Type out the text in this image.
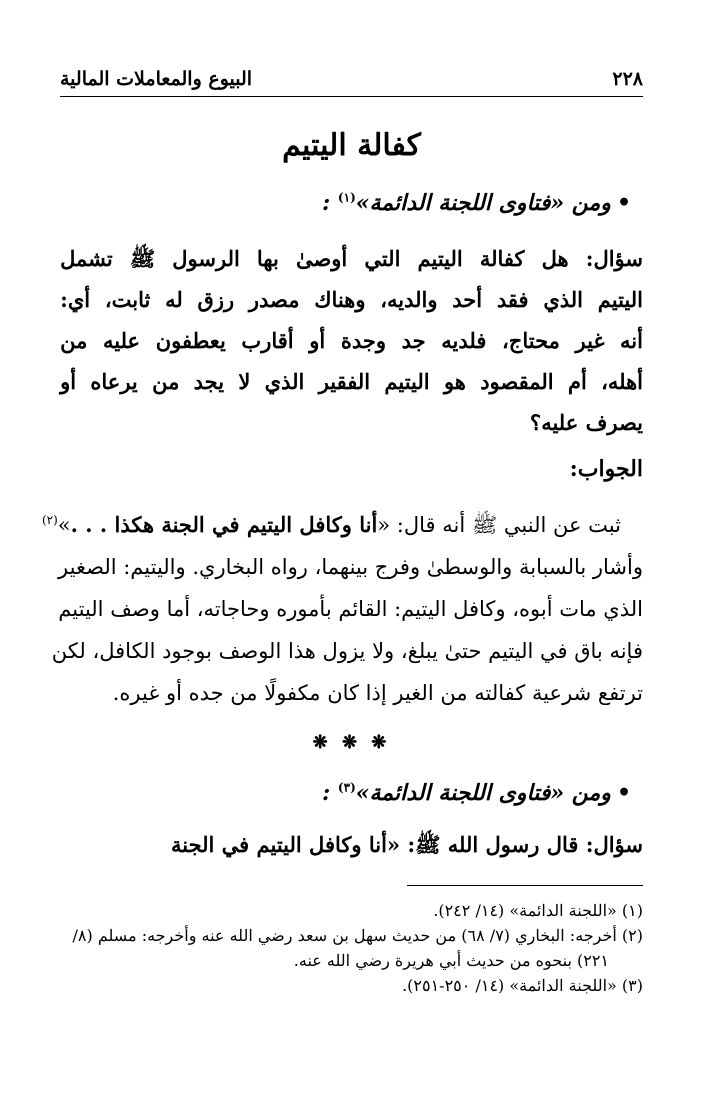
٢٢٨
البيوع والمعاملات المالية
كفالة اليتيم
•ومن «فتاوى اللجنة الدائمة»$^{(١)}$ :
سؤال:
هل
كفالة
اليتيم
التي
أوصىٰ
بها
الرسول
ﷺ
تشمل
اليتيم
الذي
فقد
أحد
والديه،
وهناك
مصدر
رزق
له
ثابت،
أي:
أنه
غير
محتاج،
فلديه
جد
وجدة
أو
أقارب
يعطفون
عليه
من
أهله،
أم
المقصود
هو
اليتيم
الفقير
الذي
لا
يجد
من
يرعاه
أو
يصرف عليه؟
الجواب:
ثبت عن النبي ﷺ أنه قال: «أنا وكافل اليتيم في الجنة هكذا . . .»$^{(٢)}$
وأشار بالسبابة والوسطىٰ وفرج بينهما، رواه البخاري. واليتيم: الصغير
الذي مات أبوه، وكافل اليتيم: القائم بأموره وحاجاته، أما وصف اليتيم
فإنه باق في اليتيم حتىٰ يبلغ، ولا يزول هذا الوصف بوجود الكافل، لكن
ترتفع شرعية كفالته من الغير إذا كان مكفولًا من جده أو غيره.
❋ ❋ ❋
•ومن «فتاوى اللجنة الدائمة»$^{(٣)}$ :
سؤال: قال رسول الله ﷺ: «أنا وكافل اليتيم في الجنة
(١) «اللجنة الدائمة» (١٤/ ٢٤٢).
(٢) أخرجه: البخاري (٧/ ٦٨) من حديث سهل بن سعد رضي الله عنه وأخرجه: مسلم (٨/
٢٢١) بنحوه من حديث أبي هريرة رضي الله عنه.
(٣) «اللجنة الدائمة» (١٤/ ٢٥٠-٢٥١).
